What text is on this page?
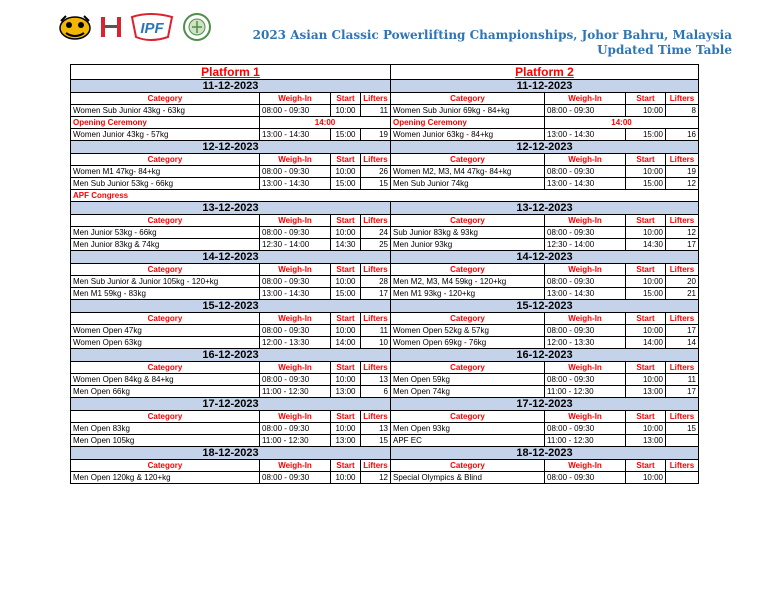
IPF	2023 Asian Classic Powerlifting Championships, Johor Bahru, Malaysia
Updated Time Table
Platform 1				Platform 2			
11-12-2023				11-12-2023			
Category	Weigh-In	Start	Lifters	Category	Weigh-In	Start	Lifters
Women Sub Junior 43kg - 63kg	08:00 - 09:30	10:00	11	Women Sub Junior 69kg - 84+kg	08:00 - 09:30	10:00	8
Opening Ceremony	14:00			Opening Ceremony	14:00		
Women Junior 43kg - 57kg	13:00 - 14:30	15:00	19	Women Junior 63kg - 84+kg	13:00 - 14:30	15:00	16
12-12-2023				12-12-2023			
Category	Weigh-In	Start	Lifters	Category	Weigh-In	Start	Lifters
Women M1 47kg- 84+kg	08:00 - 09:30	10:00	26	Women M2, M3, M4 47kg- 84+kg	08:00 - 09:30	10:00	19
Men Sub Junior 53kg - 66kg	13:00 - 14:30	15:00	15	Men Sub Junior 74kg	13:00 - 14:30	15:00	12
APF Congress							
13-12-2023				13-12-2023			
Category	Weigh-In	Start	Lifters	Category	Weigh-In	Start	Lifters
Men Junior 53kg - 66kg	08:00 - 09:30	10:00	24	Sub Junior 83kg & 93kg	08:00 - 09:30	10:00	12
Men Junior 83kg & 74kg	12:30 - 14:00	14:30	25	Men Junior 93kg	12:30 - 14:00	14:30	17
14-12-2023				14-12-2023			
Category	Weigh-In	Start	Lifters	Category	Weigh-In	Start	Lifters
Men Sub Junior & Junior 105kg - 120+kg	08:00 - 09:30	10:00	28	Men M2, M3, M4 59kg - 120+kg	08:00 - 09:30	10:00	20
Men M1 59kg - 83kg	13:00 - 14:30	15:00	17	Men M1 93kg - 120+kg	13:00 - 14:30	15:00	21
15-12-2023				15-12-2023			
Category	Weigh-In	Start	Lifters	Category	Weigh-In	Start	Lifters
Women Open 47kg	08:00 - 09:30	10:00	11	Women Open 52kg & 57kg	08:00 - 09:30	10:00	17
Women Open 63kg	12:00 - 13:30	14:00	10	Women Open 69kg - 76kg	12:00 - 13:30	14:00	14
16-12-2023				16-12-2023			
Category	Weigh-In	Start	Lifters	Category	Weigh-In	Start	Lifters
Women Open 84kg & 84+kg	08:00 - 09:30	10:00	13	Men Open 59kg	08:00 - 09:30	10:00	11
Men Open 66kg	11:00 - 12:30	13:00	6	Men Open 74kg	11:00 - 12:30	13:00	17
17-12-2023				17-12-2023			
Category	Weigh-In	Start	Lifters	Category	Weigh-In	Start	Lifters
Men Open 83kg	08:00 - 09:30	10:00	13	Men Open 93kg	08:00 - 09:30	10:00	15
Men Open 105kg	11:00 - 12:30	13:00	15	APF EC	11:00 - 12:30	13:00	
18-12-2023				18-12-2023			
Category	Weigh-In	Start	Lifters	Category	Weigh-In	Start	Lifters
Men Open 120kg & 120+kg	08:00 - 09:30	10:00	12	Special Olympics & Blind	08:00 - 09:30	10:00	
